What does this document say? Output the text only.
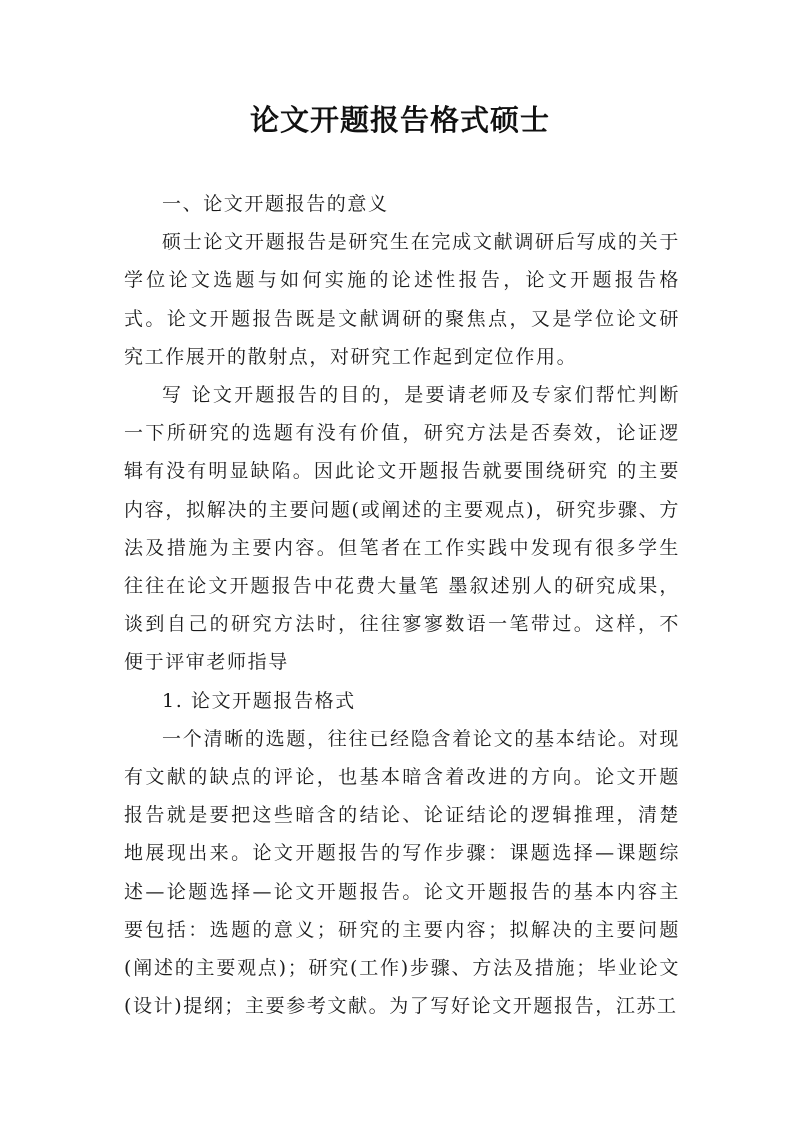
论文开题报告格式硕士

一、论文开题报告的意义

硕士论文开题报告是研究生在完成文献调研后写成的关于学位论文选题与如何实施的论述性报告，论文开题报告格式。论文开题报告既是文献调研的聚焦点，又是学位论文研究工作展开的散射点，对研究工作起到定位作用。

写 论文开题报告的目的，是要请老师及专家们帮忙判断一下所研究的选题有没有价值，研究方法是否奏效，论证逻辑有没有明显缺陷。因此论文开题报告就要围绕研究 的主要内容，拟解决的主要问题(或阐述的主要观点)，研究步骤、方法及措施为主要内容。但笔者在工作实践中发现有很多学生往往在论文开题报告中花费大量笔 墨叙述别人的研究成果，谈到自己的研究方法时，往往寥寥数语一笔带过。这样，不便于评审老师指导

1. 论文开题报告格式

一个清晰的选题，往往已经隐含着论文的基本结论。对现有文献的缺点的评论，也基本暗含着改进的方向。论文开题报告就是要把这些暗含的结论、论证结论的逻辑推理，清楚地展现出来。论文开题报告的写作步骤：课题选择—课题综述—论题选择—论文开题报告。论文开题报告的基本内容主要包括：选题的意义；研究的主要内容；拟解决的主要问题(阐述的主要观点)；研究(工作)步骤、方法及措施；毕业论文(设计)提纲；主要参考文献。为了写好论文开题报告，江苏工
